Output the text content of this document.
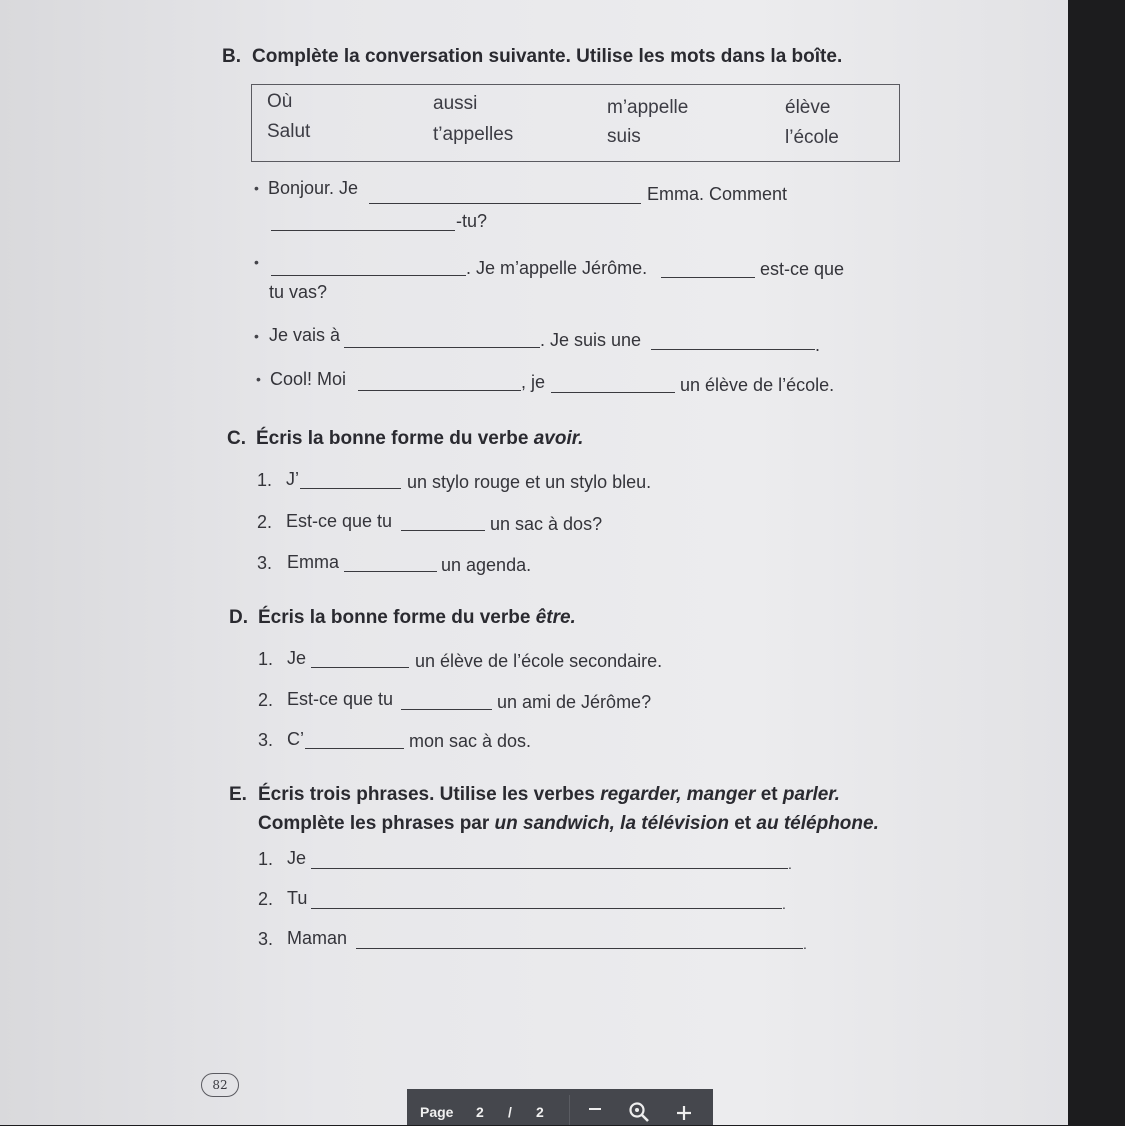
B. Complète la conversation suivante. Utilise les mots dans la boîte.
Où	aussi	m’appelle	élève
Salut	t’appelles	suis	l’école
• Bonjour. Je	Emma. Comment
-tu?
•	. Je m’appelle Jérôme.	est-ce que
tu vas?
• Je vais à	. Je suis une	.
• Cool! Moi	, je	un élève de l’école.
C. Écris la bonne forme du verbe avoir.
1. J’	un stylo rouge et un stylo bleu.
2. Est-ce que tu	un sac à dos?
3. Emma	un agenda.
D. Écris la bonne forme du verbe être.
1. Je	un élève de l’école secondaire.
2. Est-ce que tu	un ami de Jérôme?
3. C’	mon sac à dos.
E. Écris trois phrases. Utilise les verbes regarder, manger et parler.
Complète les phrases par un sandwich, la télévision et au téléphone.
1. Je	.
2. Tu	.
3. Maman	.
82
Page 2 / 2
